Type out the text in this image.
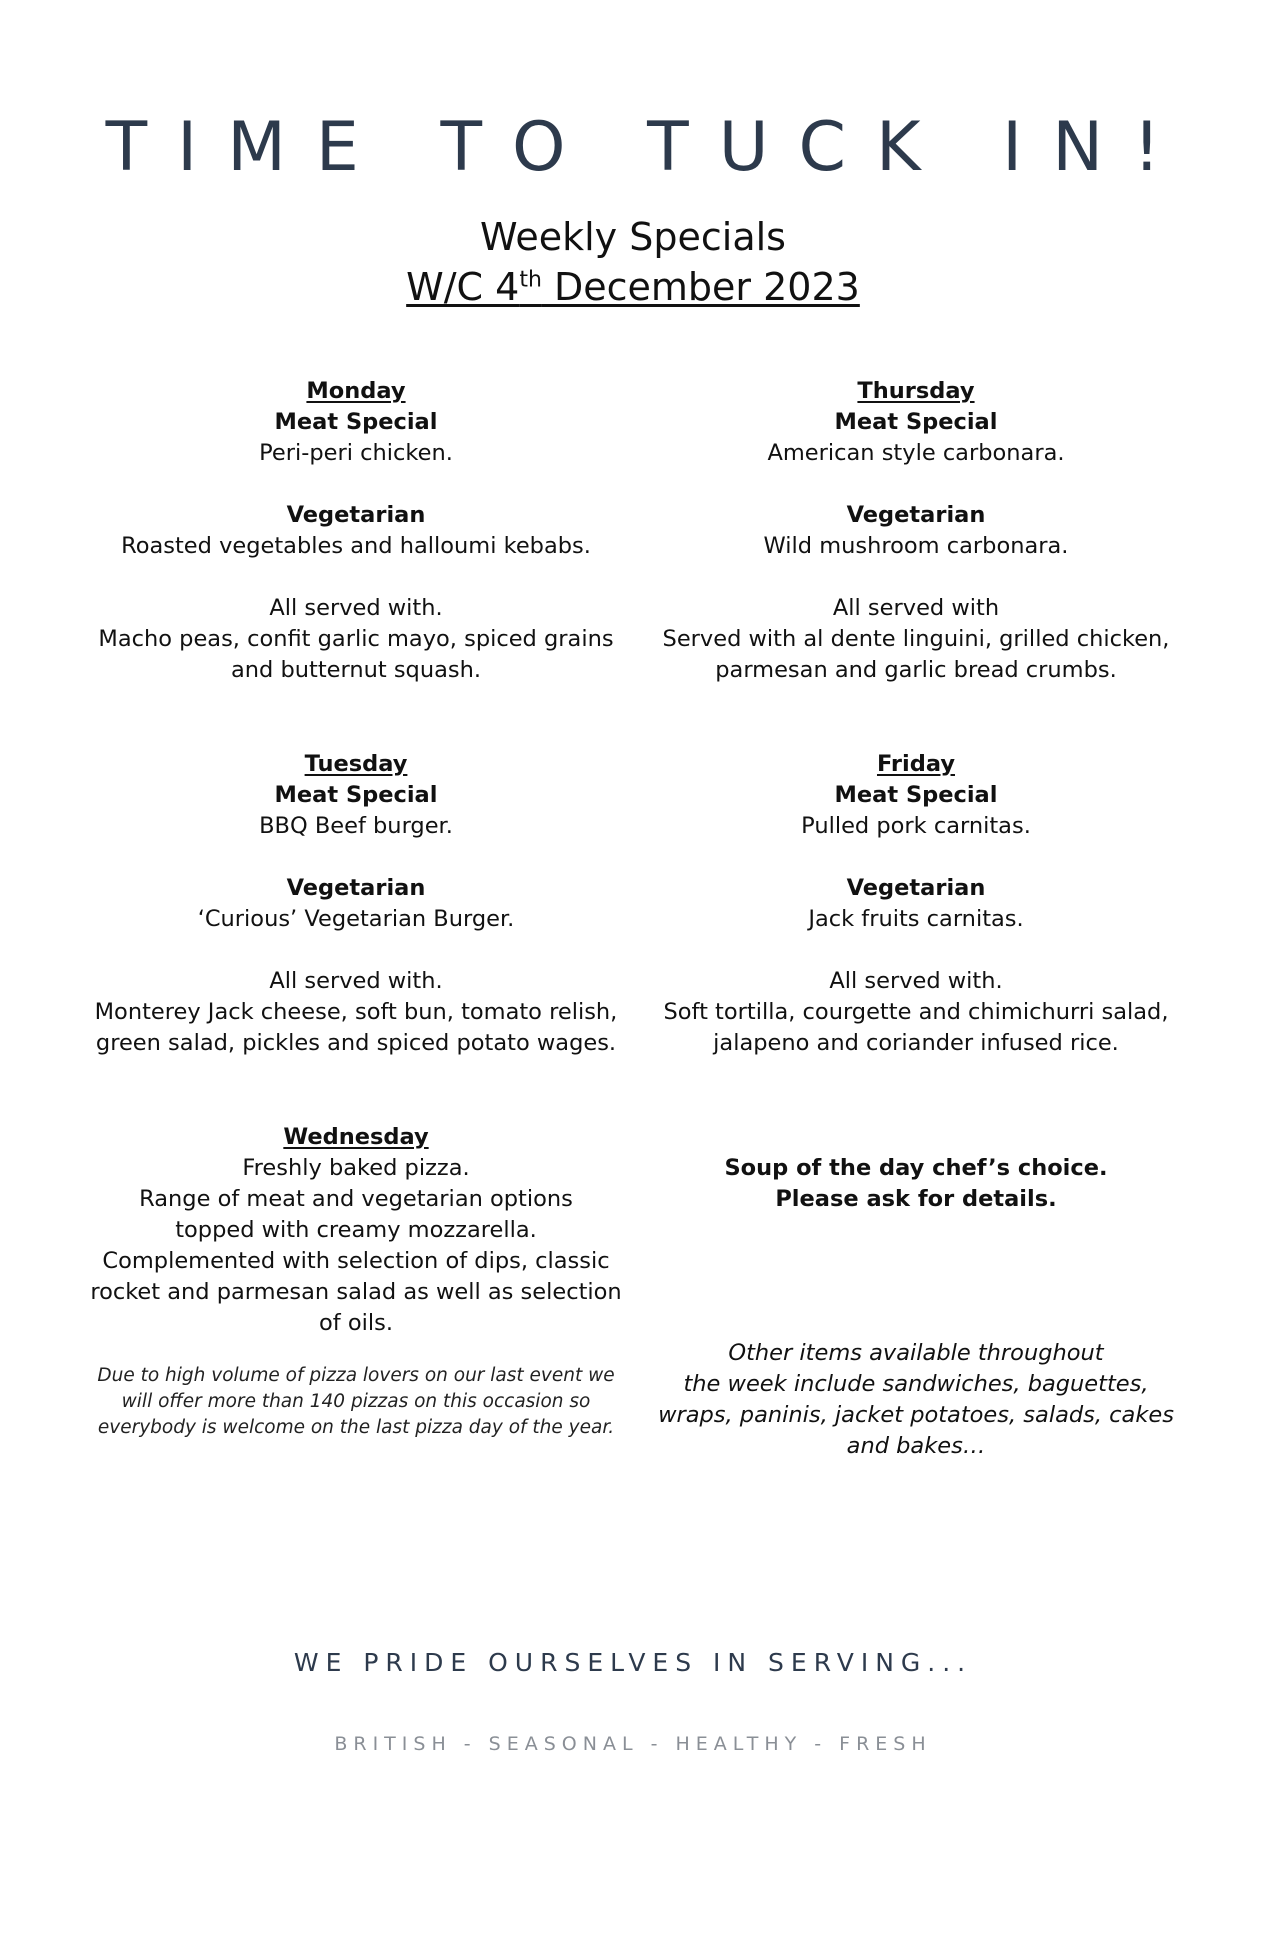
TIME TO TUCK IN!
Weekly Specials
W/C 4th December 2023
Monday
Meat Special
Peri-peri chicken.
Vegetarian
Roasted vegetables and halloumi kebabs.
All served with.
Macho peas, confit garlic mayo, spiced grains
and butternut squash.
Thursday
Meat Special
American style carbonara.
Vegetarian
Wild mushroom carbonara.
All served with
Served with al dente linguini, grilled chicken,
parmesan and garlic bread crumbs.
Tuesday
Meat Special
BBQ Beef burger.
Vegetarian
‘Curious’ Vegetarian Burger.
All served with.
Monterey Jack cheese, soft bun, tomato relish,
green salad, pickles and spiced potato wages.
Friday
Meat Special
Pulled pork carnitas.
Vegetarian
Jack fruits carnitas.
All served with.
Soft tortilla, courgette and chimichurri salad,
jalapeno and coriander infused rice.
Wednesday
Freshly baked pizza.
Range of meat and vegetarian options
topped with creamy mozzarella.
Complemented with selection of dips, classic
rocket and parmesan salad as well as selection
of oils.
Due to high volume of pizza lovers on our last event we
will offer more than 140 pizzas on this occasion so
everybody is welcome on the last pizza day of the year.
Soup of the day chef’s choice.
Please ask for details.
Other items available throughout
the week include sandwiches, baguettes,
wraps, paninis, jacket potatoes, salads, cakes
and bakes…
WE PRIDE OURSELVES IN SERVING...
BRITISH - SEASONAL - HEALTHY - FRESH
